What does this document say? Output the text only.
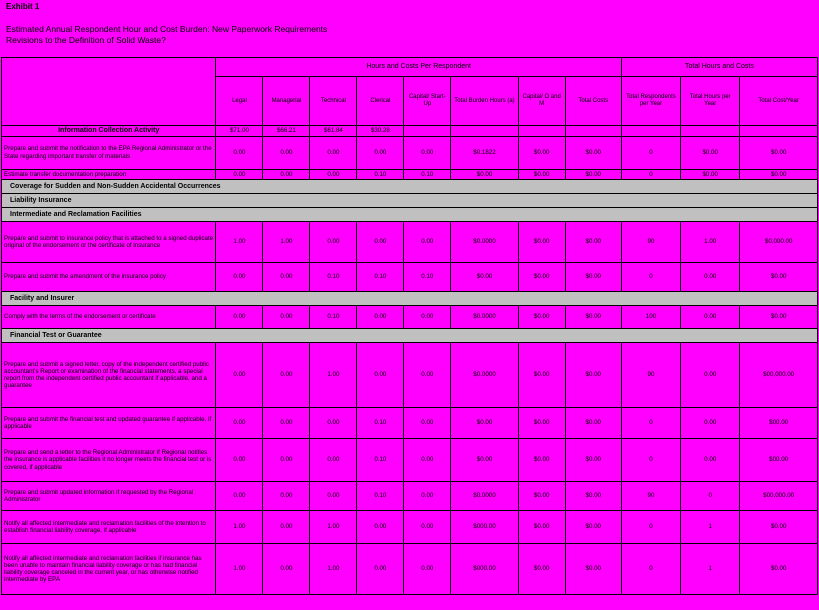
Exhibit 1
Estimated Annual Respondent Hour and Cost Burden: New Paperwork Requirements
Revisions to the Definition of Solid Waste?
	Hours and Costs Per Respondent								Total Hours and Costs		
	Legal	Managerial	Technical	Clerical	Capital/ Start-Up	Total Burden Hours (a)	Capital/ O and M	Total Costs	Total Respondents per Year	Total Hours per Year	Total Cost/Year
Information Collection Activity	$71.00	$66.21	$61.84	$30.28							
Prepare and submit the notification to the EPA Regional Administrator or the State regarding important transfer of materials	0.00	0.00	0.00	0.00	0.00	$0.1822	$0.00	$0.00	0	$0.00	$0.00
Estimate transfer documentation preparation	0.00	0.00	0.00	0.10	0.10	$0.00	$0.00	$0.00	0	$0.00	$0.00
Coverage for Sudden and Non-Sudden Accidental Occurrences											
Liability Insurance											
Intermediate and Reclamation Facilities											
Prepare and submit to insurance policy that is attached to a signed duplicate original of the endorsement or the certificate of insurance	1.00	1.00	0.00	0.00	0.00	$0.0000	$0.00	$0.00	90	1.00	$0,000.00
Prepare and submit the amendment of the insurance policy	0.00	0.00	0.10	0.10	0.10	$0.00	$0.00	$0.00	0	0.00	$0.00
Facility and Insurer											
Comply with the terms of the endorsement or certificate	0.00	0.00	0.10	0.00	0.00	$0.0000	$0.00	$0.00	100	0.00	$0.00
Financial Test or Guarantee											
Prepare and submit a signed letter, copy of the independent certified public accountant's Report or examination of the financial statements, a special report from the independent certified public accountant if applicable, and a guarantee	0.00	0.00	1.00	0.00	0.00	$0.0000	$0.00	$0.00	90	0.00	$00,000.00
Prepare and submit the financial test and updated guarantee if applicable, if applicable	0.00	0.00	0.00	0.10	0.00	$0.00	$0.00	$0.00	0	0.00	$00.00
Prepare and send a letter to the Regional Administrator if Regional notifies the insurance is applicable facilities it no longer meets the financial test or is covered, if applicable	0.00	0.00	0.00	0.10	0.00	$0.00	$0.00	$0.00	0	0.00	$00.00
Prepare and submit updated information if requested by the Regional Administrator	0.00	0.00	0.00	0.10	0.00	$0.0000	$0.00	$0.00	90	0	$00,000.00
Notify all affected intermediate and reclamation facilities of the intention to establish financial liability coverage, if applicable	1.00	0.00	1.00	0.00	0.00	$000.00	$0.00	$0.00	0	1	$0.00
Notify all affected intermediate and reclamation facilities if insurance has been unable to maintain financial liability coverage or has had financial liability coverage canceled in the current year, or has otherwise notified intermediate by EPA	1.00	0.00	1.00	0.00	0.00	$000.00	$0.00	$0.00	0	1	$0.00
